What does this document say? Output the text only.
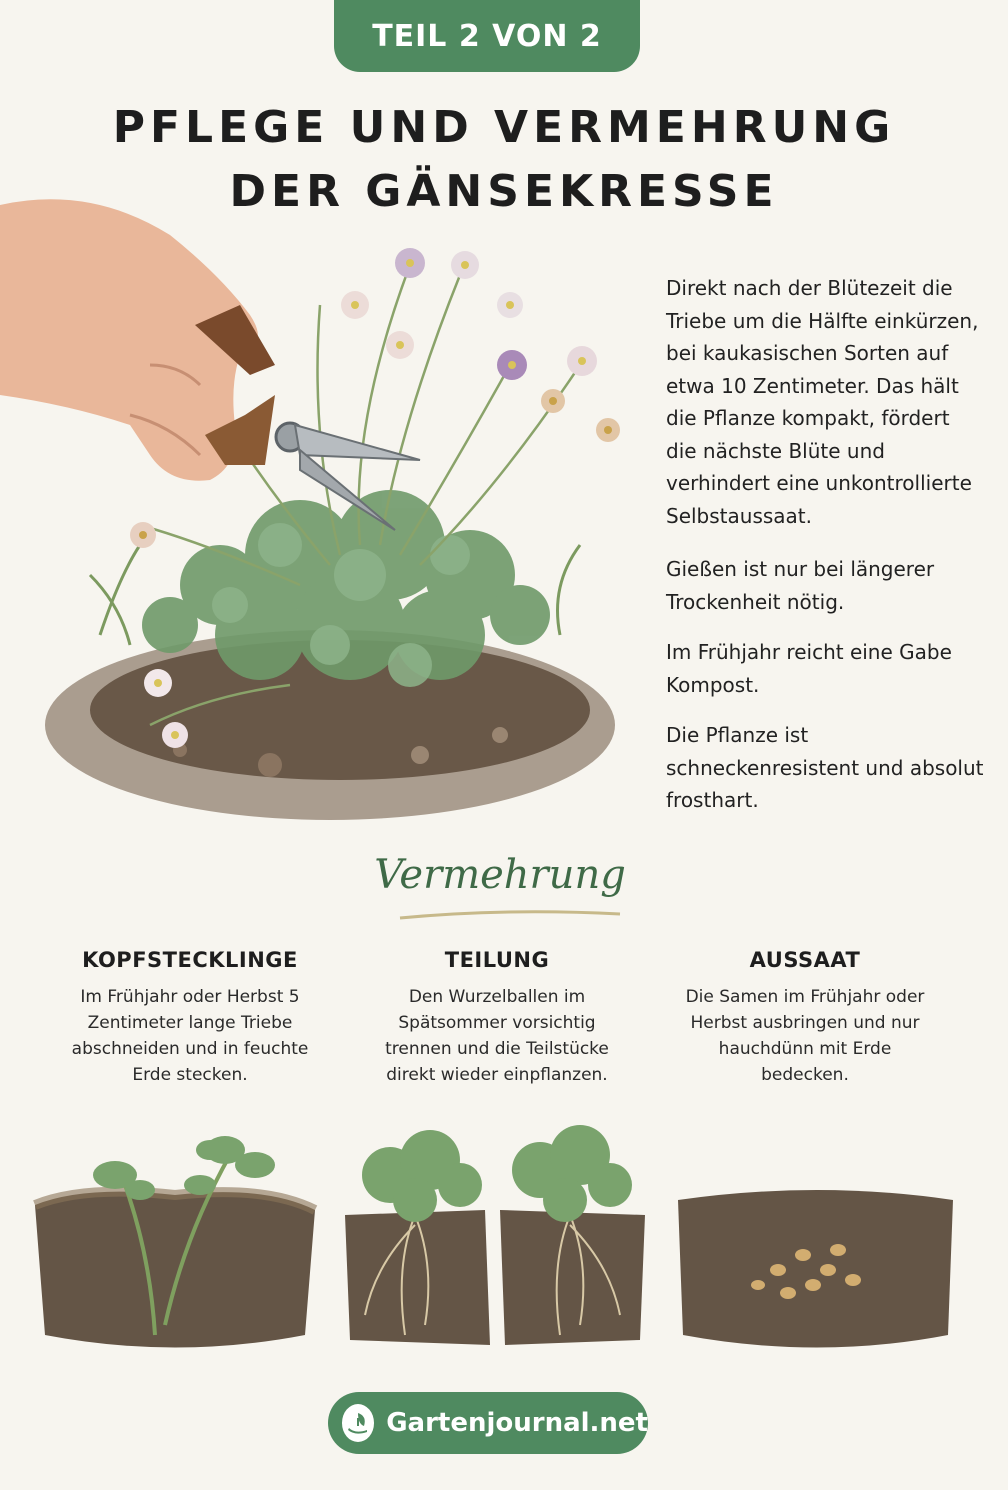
TEIL 2 VON 2
PFLEGE UND VERMEHRUNG
DER GÄNSEKRESSE

Direkt nach der Blütezeit die Triebe um die Hälfte einkürzen, bei kaukasischen Sorten auf etwa 10 Zentimeter. Das hält die Pflanze kompakt, fördert die nächste Blüte und verhindert eine unkontrollierte Selbstaussaat.

Gießen ist nur bei längerer Trockenheit nötig.

Im Frühjahr reicht eine Gabe Kompost.

Die Pflanze ist schneckenresistent und absolut frosthart.

Vermehrung
KOPFSTECKLINGE

Im Frühjahr oder Herbst 5 Zentimeter lange Triebe abschneiden und in feuchte Erde stecken.

TEILUNG

Den Wurzelballen im Spätsommer vorsichtig trennen und die Teilstücke direkt wieder einpflanzen.

AUSSAAT

Die Samen im Frühjahr oder Herbst ausbringen und nur hauchdünn mit Erde bedecken.

Gartenjournal.net
